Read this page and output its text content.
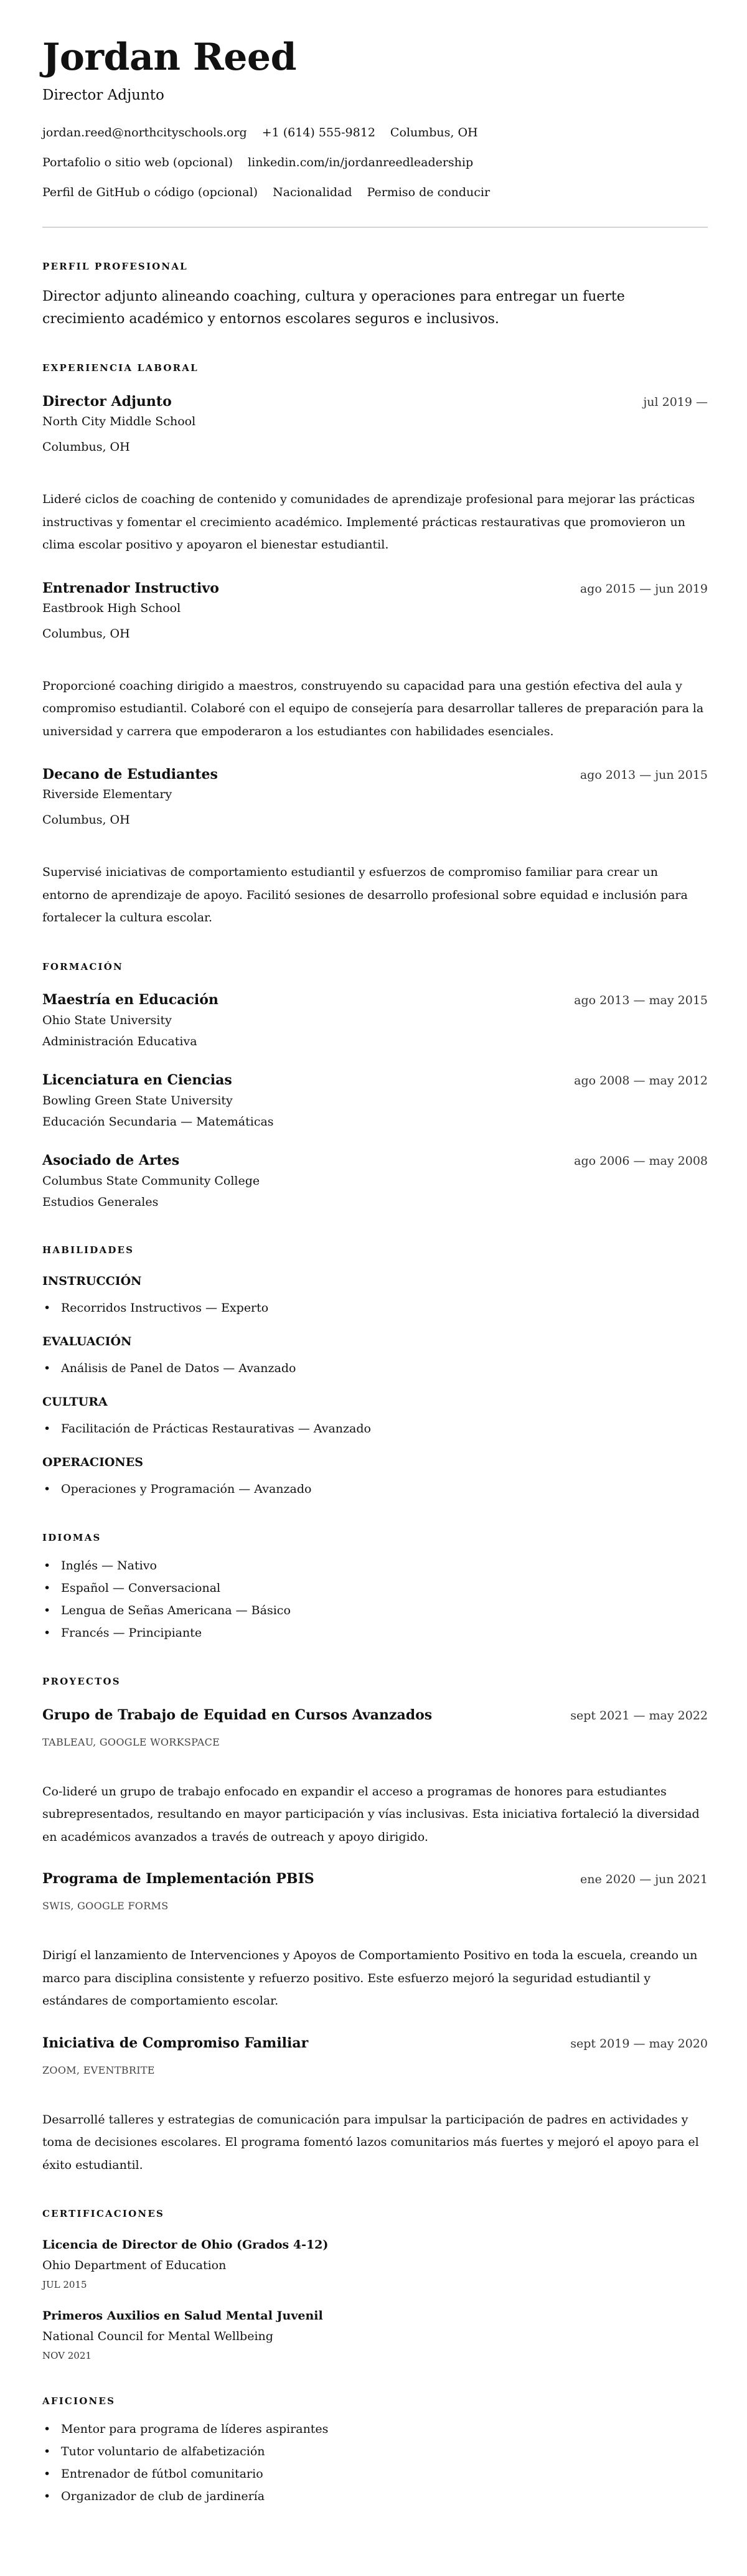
Jordan Reed
Director Adjunto
jordan.reed@northcityschools.org +1 (614) 555-9812 Columbus, OH
Portafolio o sitio web (opcional) linkedin.com/in/jordanreedleadership
Perfil de GitHub o código (opcional) Nacionalidad Permiso de conducir
PERFIL PROFESIONAL
Director adjunto alineando coaching, cultura y operaciones para entregar un fuerte crecimiento académico y entornos escolares seguros e inclusivos.
EXPERIENCIA LABORAL
Director Adjunto	jul 2019 —
North City Middle School
Columbus, OH
Lideré ciclos de coaching de contenido y comunidades de aprendizaje profesional para mejorar las prácticas instructivas y fomentar el crecimiento académico. Implementé prácticas restaurativas que promovieron un clima escolar positivo y apoyaron el bienestar estudiantil.
Entrenador Instructivo	ago 2015 — jun 2019
Eastbrook High School
Columbus, OH
Proporcioné coaching dirigido a maestros, construyendo su capacidad para una gestión efectiva del aula y compromiso estudiantil. Colaboré con el equipo de consejería para desarrollar talleres de preparación para la universidad y carrera que empoderaron a los estudiantes con habilidades esenciales.
Decano de Estudiantes	ago 2013 — jun 2015
Riverside Elementary
Columbus, OH
Supervisé iniciativas de comportamiento estudiantil y esfuerzos de compromiso familiar para crear un entorno de aprendizaje de apoyo. Facilitó sesiones de desarrollo profesional sobre equidad e inclusión para fortalecer la cultura escolar.
FORMACIÓN
Maestría en Educación	ago 2013 — may 2015
Ohio State University
Administración Educativa
Licenciatura en Ciencias	ago 2008 — may 2012
Bowling Green State University
Educación Secundaria — Matemáticas
Asociado de Artes	ago 2006 — may 2008
Columbus State Community College
Estudios Generales
HABILIDADES
INSTRUCCIÓN
• Recorridos Instructivos — Experto
EVALUACIÓN
• Análisis de Panel de Datos — Avanzado
CULTURA
• Facilitación de Prácticas Restaurativas — Avanzado
OPERACIONES
• Operaciones y Programación — Avanzado
IDIOMAS
• Inglés — Nativo
• Español — Conversacional
• Lengua de Señas Americana — Básico
• Francés — Principiante
PROYECTOS
Grupo de Trabajo de Equidad en Cursos Avanzados	sept 2021 — may 2022
TABLEAU, GOOGLE WORKSPACE
Co-lideré un grupo de trabajo enfocado en expandir el acceso a programas de honores para estudiantes subrepresentados, resultando en mayor participación y vías inclusivas. Esta iniciativa fortaleció la diversidad en académicos avanzados a través de outreach y apoyo dirigido.
Programa de Implementación PBIS	ene 2020 — jun 2021
SWIS, GOOGLE FORMS
Dirigí el lanzamiento de Intervenciones y Apoyos de Comportamiento Positivo en toda la escuela, creando un marco para disciplina consistente y refuerzo positivo. Este esfuerzo mejoró la seguridad estudiantil y estándares de comportamiento escolar.
Iniciativa de Compromiso Familiar	sept 2019 — may 2020
ZOOM, EVENTBRITE
Desarrollé talleres y estrategias de comunicación para impulsar la participación de padres en actividades y toma de decisiones escolares. El programa fomentó lazos comunitarios más fuertes y mejoró el apoyo para el éxito estudiantil.
CERTIFICACIONES
Licencia de Director de Ohio (Grados 4-12)
Ohio Department of Education
JUL 2015
Primeros Auxilios en Salud Mental Juvenil
National Council for Mental Wellbeing
NOV 2021
AFICIONES
• Mentor para programa de líderes aspirantes
• Tutor voluntario de alfabetización
• Entrenador de fútbol comunitario
• Organizador de club de jardinería
